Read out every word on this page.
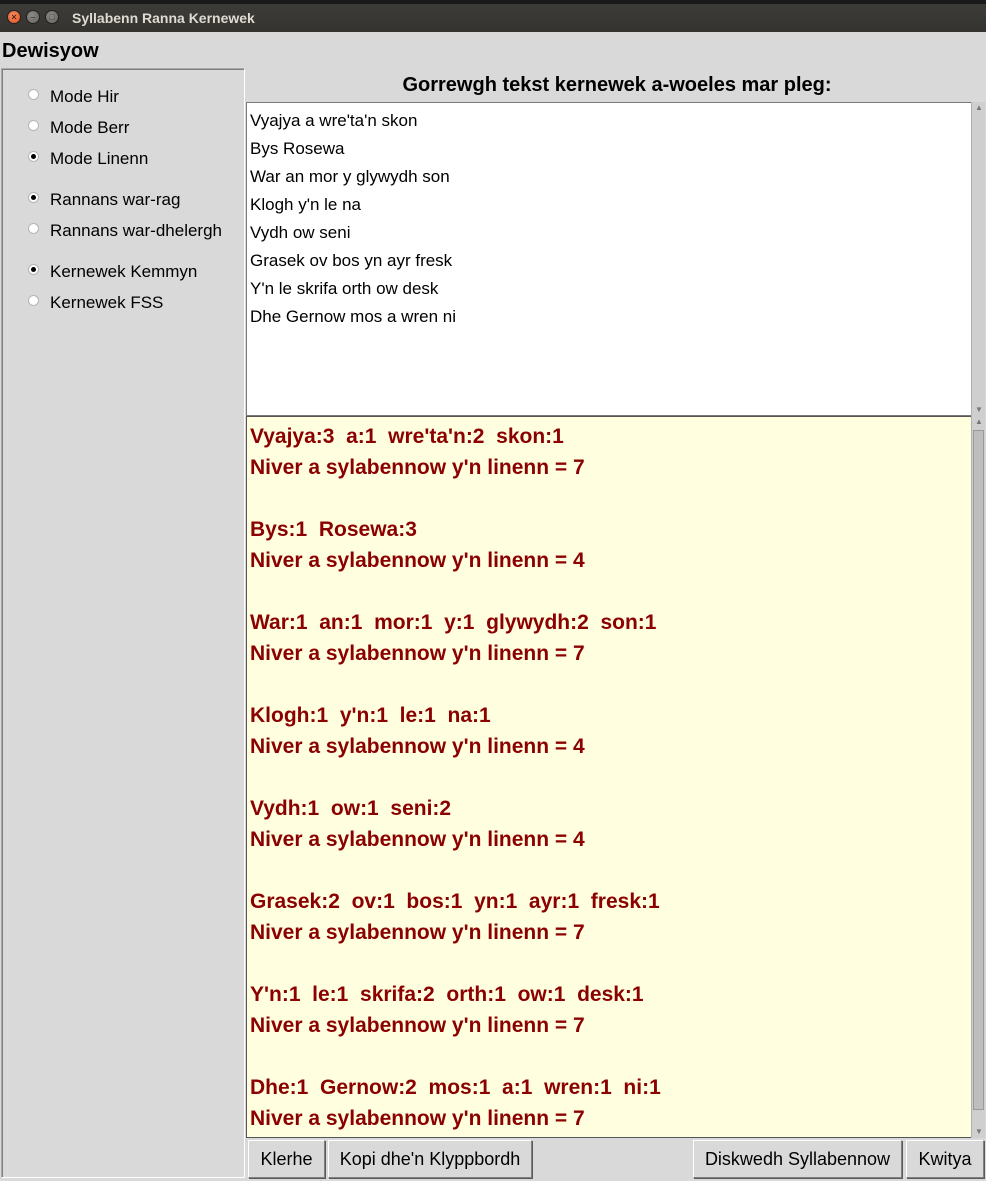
×	–	□	Syllabenn Ranna Kernewek
Dewisyow
Mode Hir
Mode Berr
Mode Linenn
Rannans war-rag
Rannans war-dhelergh
Kernewek Kemmyn
Kernewek FSS
Gorrewgh tekst kernewek a-woeles mar pleg:
Vyajya a wre'ta'n skon
Bys Rosewa
War an mor y glywydh son
Klogh y'n le na
Vydh ow seni
Grasek ov bos yn ayr fresk
Y'n le skrifa orth ow desk
Dhe Gernow mos a wren ni
▲
▼
Vyajya:3  a:1  wre'ta'n:2  skon:1
Niver a sylabennow y'n linenn = 7
Bys:1  Rosewa:3
Niver a sylabennow y'n linenn = 4
War:1  an:1  mor:1  y:1  glywydh:2  son:1
Niver a sylabennow y'n linenn = 7
Klogh:1  y'n:1  le:1  na:1
Niver a sylabennow y'n linenn = 4
Vydh:1  ow:1  seni:2
Niver a sylabennow y'n linenn = 4
Grasek:2  ov:1  bos:1  yn:1  ayr:1  fresk:1
Niver a sylabennow y'n linenn = 7
Y'n:1  le:1  skrifa:2  orth:1  ow:1  desk:1
Niver a sylabennow y'n linenn = 7
Dhe:1  Gernow:2  mos:1  a:1  wren:1  ni:1
Niver a sylabennow y'n linenn = 7
▲
▼
Klerhe	Kopi dhe'n Klyppbordh	Diskwedh Syllabennow	Kwitya
